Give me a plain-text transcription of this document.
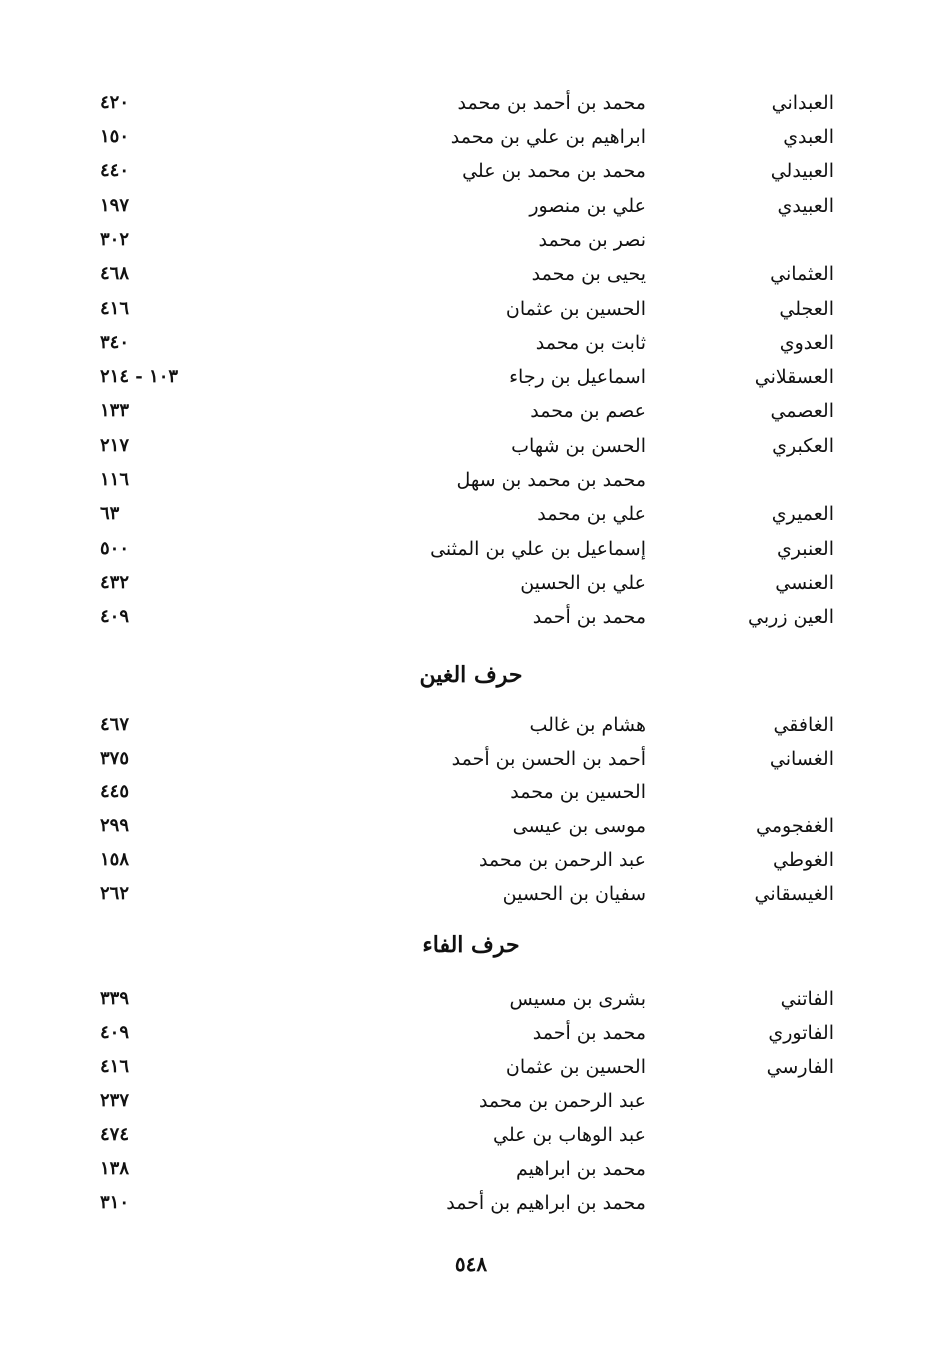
العبداني
محمد بن أحمد بن محمد
٤٢٠
العبدي
ابراهيم بن علي بن محمد
١٥٠
العبيدلي
محمد بن محمد بن علي
٤٤٠
العبيدي
علي بن منصور
١٩٧
نصر بن محمد
٣٠٢
العثماني
يحيى بن محمد
٤٦٨
العجلي
الحسين بن عثمان
٤١٦
العدوي
ثابت بن محمد
٣٤٠
العسقلاني
اسماعيل بن رجاء
١٠٣ - ٢١٤
العصمي
عصم بن محمد
١٣٣
العكبري
الحسن بن شهاب
٢١٧
محمد بن محمد بن سهل
١١٦
العميري
علي بن محمد
٦٣
العنبري
إسماعيل بن علي بن المثنى
٥٠٠
العنسي
علي بن الحسين
٤٣٢
العين زربي
محمد بن أحمد
٤٠٩
حرف الغين
الغافقي
هشام بن غالب
٤٦٧
الغساني
أحمد بن الحسن بن أحمد
٣٧٥
الحسين بن محمد
٤٤٥
الغفجومي
موسى بن عيسى
٢٩٩
الغوطي
عبد الرحمن بن محمد
١٥٨
الغيسقاني
سفيان بن الحسين
٢٦٢
حرف الفاء
الفاتني
بشرى بن مسيس
٣٣٩
الفاتوري
محمد بن أحمد
٤٠٩
الفارسي
الحسين بن عثمان
٤١٦
عبد الرحمن بن محمد
٢٣٧
عبد الوهاب بن علي
٤٧٤
محمد بن ابراهيم
١٣٨
محمد بن ابراهيم بن أحمد
٣١٠
٥٤٨
